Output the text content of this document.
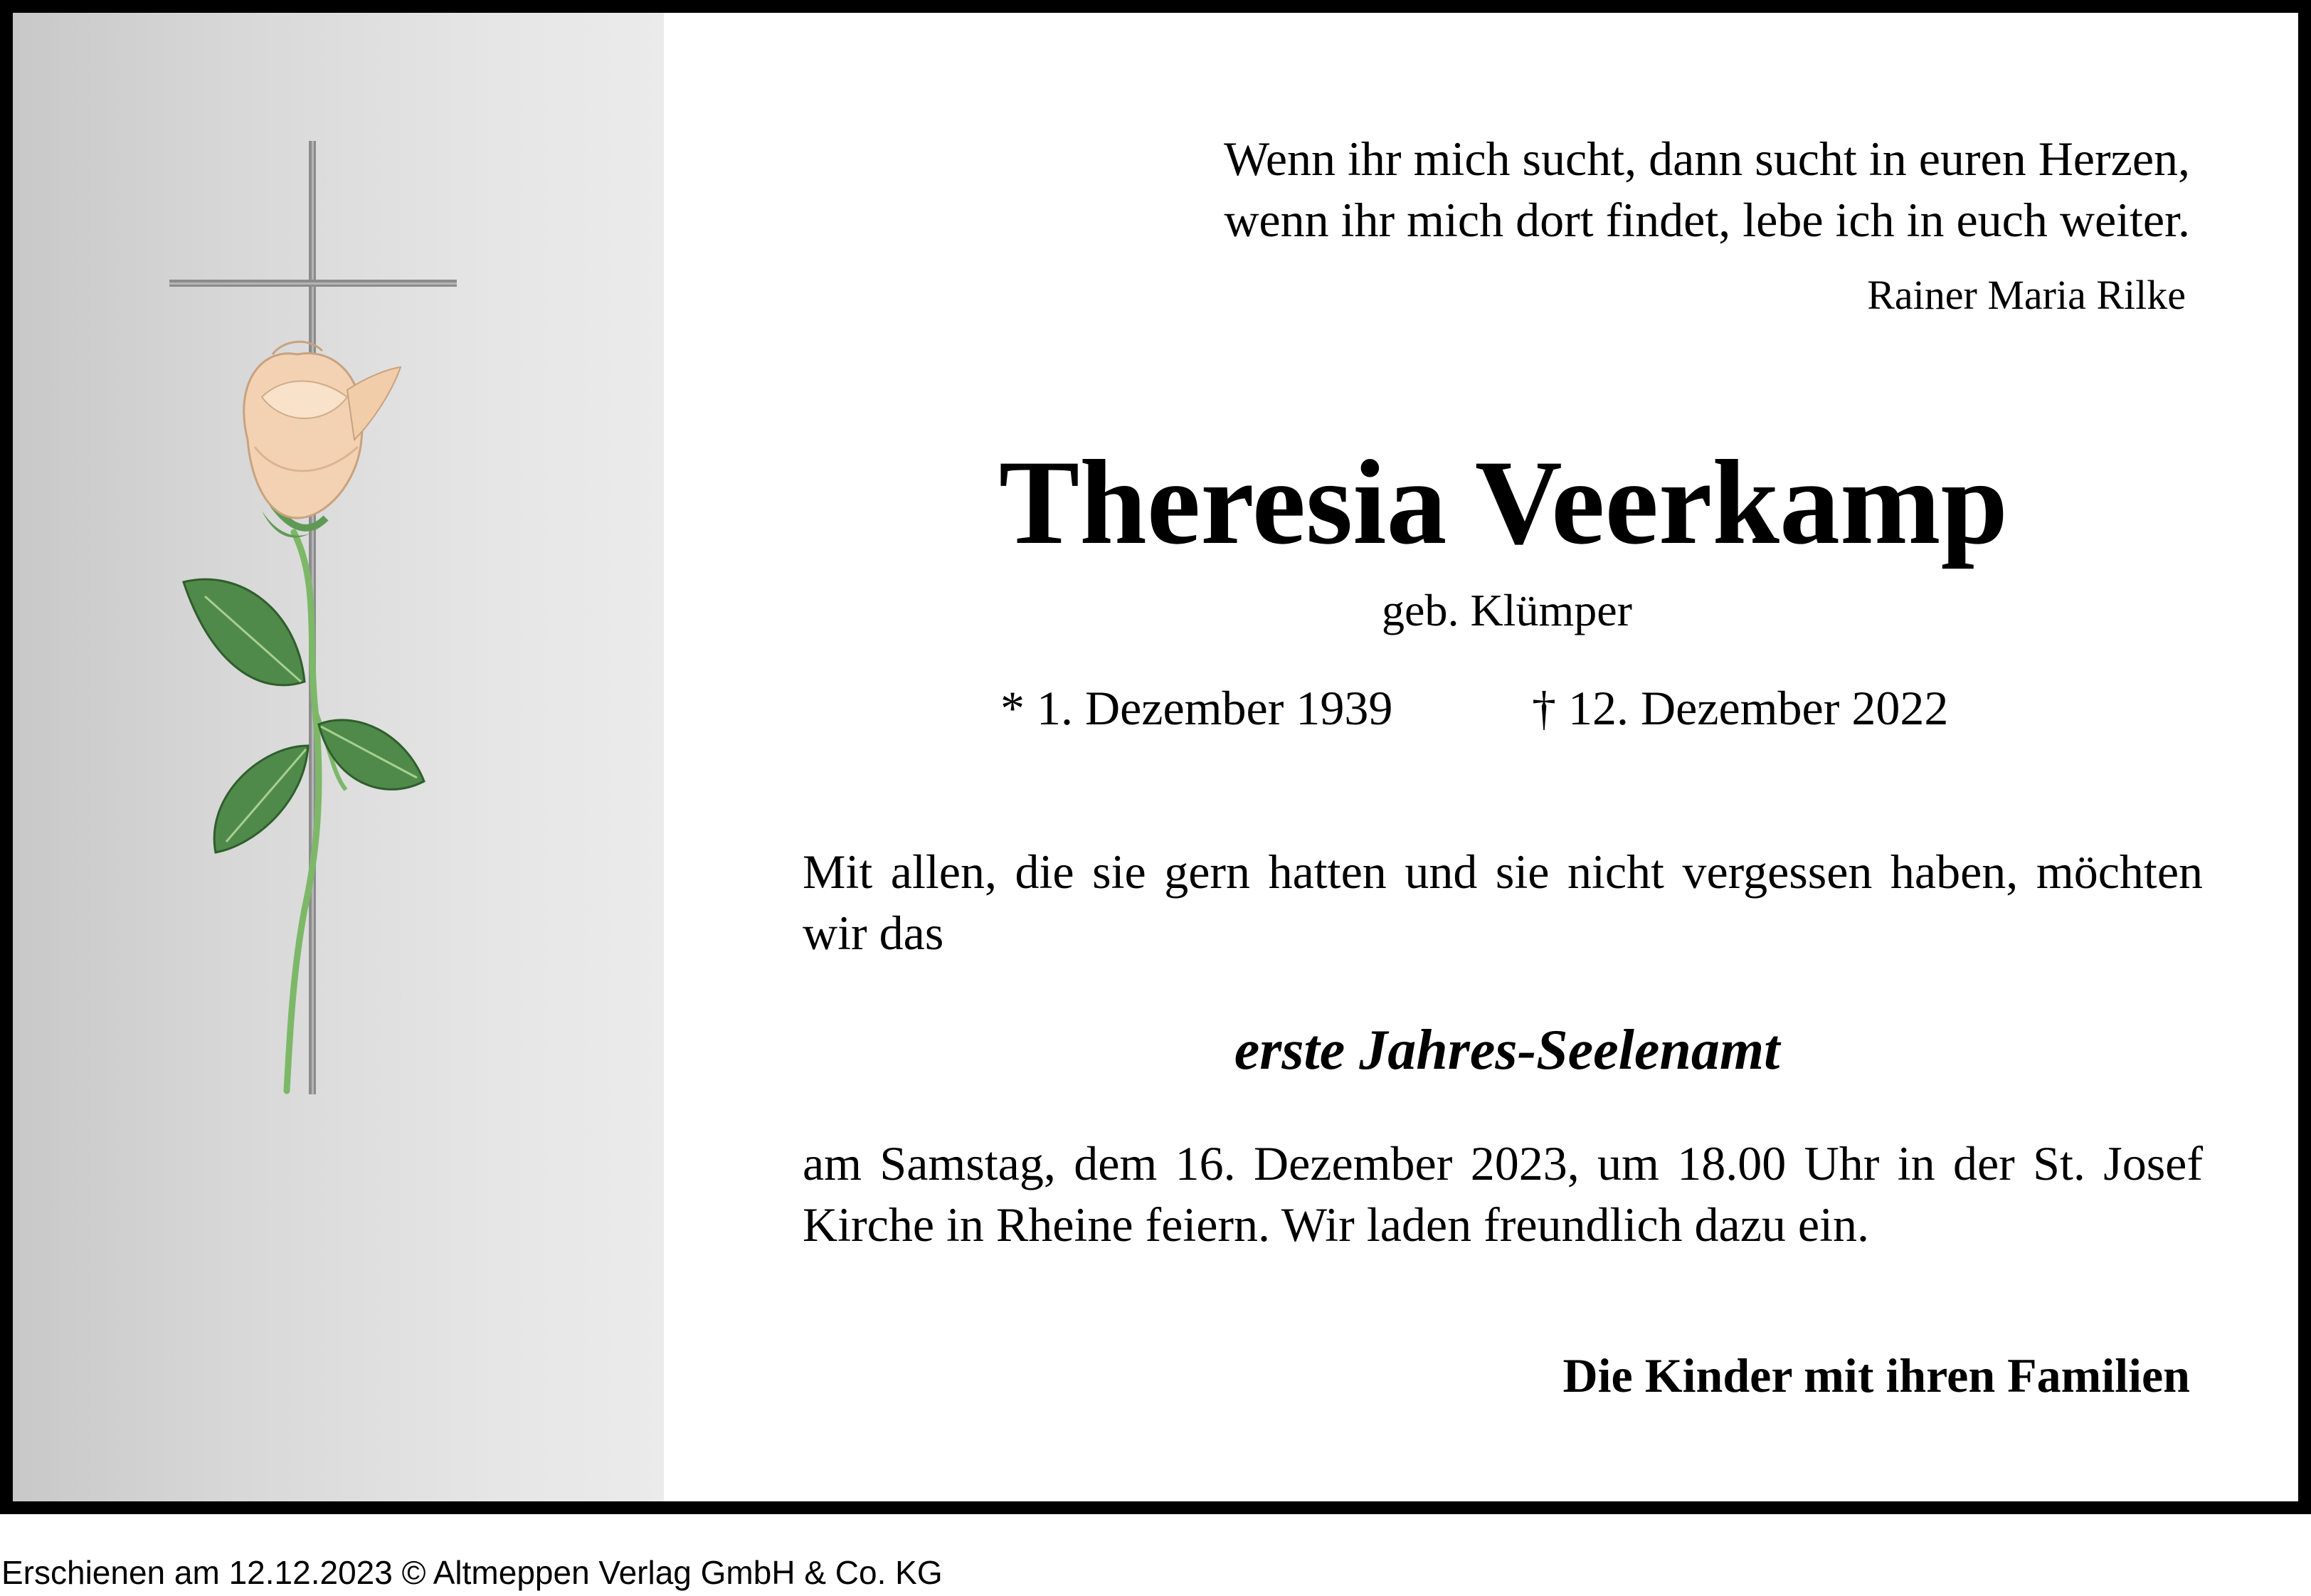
Wenn ihr mich sucht, dann sucht in euren Herzen,
wenn ihr mich dort findet, lebe ich in euch weiter.
Rainer Maria Rilke
Theresia Veerkamp
geb. Klümper
* 1. Dezember 1939	† 12. Dezember 2022
Mit allen, die sie gern hatten und sie nicht vergessen haben, möchten wir das
erste Jahres-Seelenamt
am Samstag, dem 16. Dezember 2023, um 18.00 Uhr in der St. Josef Kirche in Rheine feiern. Wir laden freundlich dazu ein.
Die Kinder mit ihren Familien
Erschienen am 12.12.2023 © Altmeppen Verlag GmbH & Co. KG
